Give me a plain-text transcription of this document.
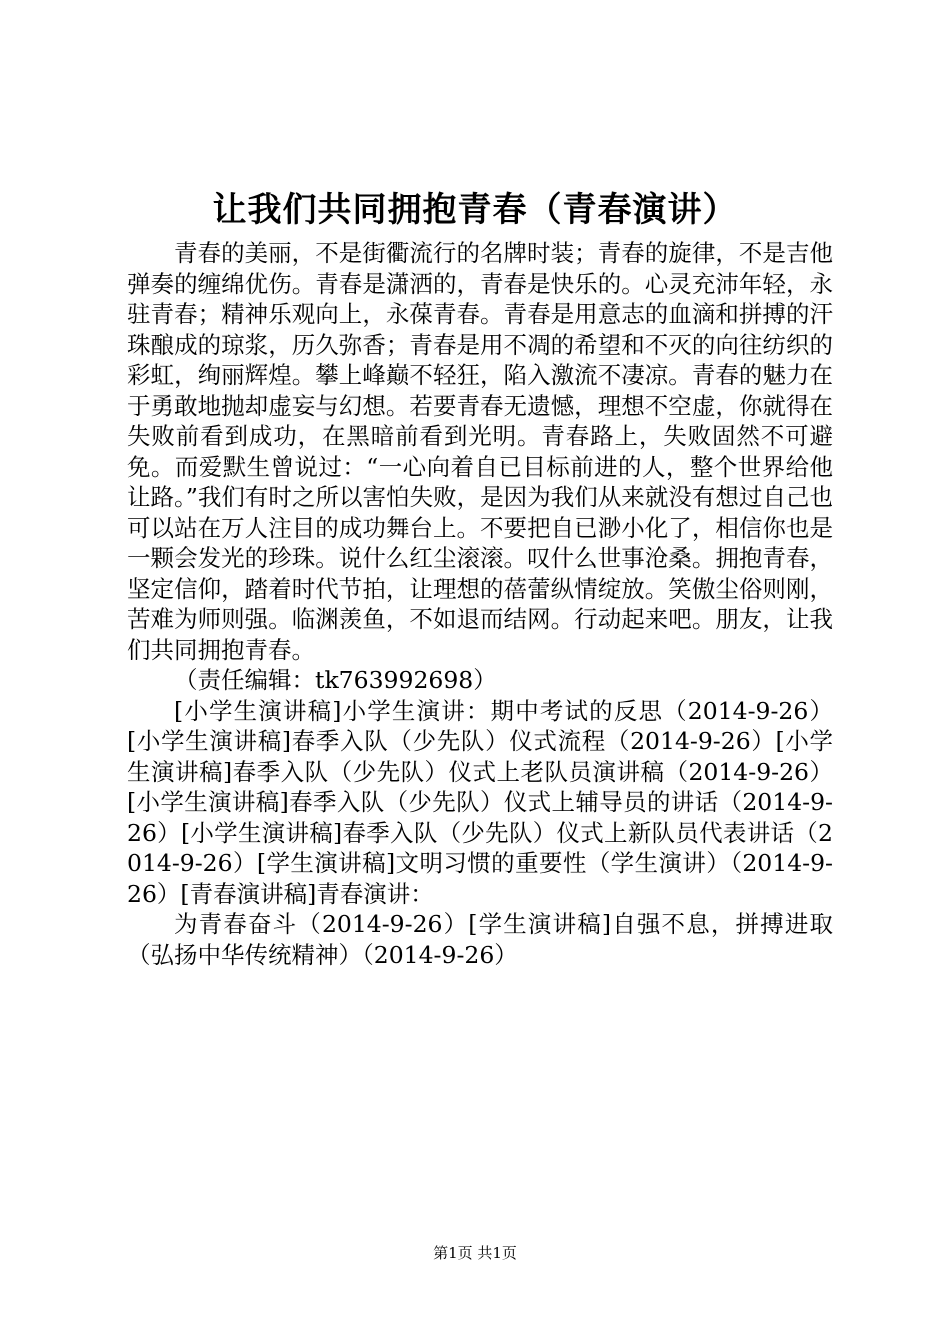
让我们共同拥抱青春（青春演讲）

青春的美丽，不是街衢流行的名牌时装；青春的旋律，不是吉他弹奏的缠绵优伤。青春是潇洒的，青春是快乐的。心灵充沛年轻，永驻青春；精神乐观向上，永葆青春。青春是用意志的血滴和拼搏的汗珠酿成的琼浆，历久弥香；青春是用不凋的希望和不灭的向往纺织的彩虹，绚丽辉煌。攀上峰巅不轻狂，陷入激流不凄凉。青春的魅力在于勇敢地抛却虚妄与幻想。若要青春无遗憾，理想不空虚，你就得在失败前看到成功，在黑暗前看到光明。青春路上，失败固然不可避免。而爱默生曾说过：“一心向着自已目标前进的人，整个世界给他让路。”我们有时之所以害怕失败，是因为我们从来就没有想过自己也可以站在万人注目的成功舞台上。不要把自已渺小化了，相信你也是一颗会发光的珍珠。说什么红尘滚滚。叹什么世事沧桑。拥抱青春，坚定信仰，踏着时代节拍，让理想的蓓蕾纵情绽放。笑傲尘俗则刚，苦难为师则强。临渊羡鱼，不如退而结网。行动起来吧。朋友，让我们共同拥抱青春。

（责任编辑：tk763992698）

[小学生演讲稿]小学生演讲：期中考试的反思（2014-9-26）[小学生演讲稿]春季入队（少先队）仪式流程（2014-9-26）[小学生演讲稿]春季入队（少先队）仪式上老队员演讲稿（2014-9-26）[小学生演讲稿]春季入队（少先队）仪式上辅导员的讲话（2014-9-26）[小学生演讲稿]春季入队（少先队）仪式上新队员代表讲话（2014-9-26）[学生演讲稿]文明习惯的重要性（学生演讲）（2014-9-26）[青春演讲稿]青春演讲：

为青春奋斗（2014-9-26）[学生演讲稿]自强不息，拼搏进取（弘扬中华传统精神）（2014-9-26）

第1页 共1页
